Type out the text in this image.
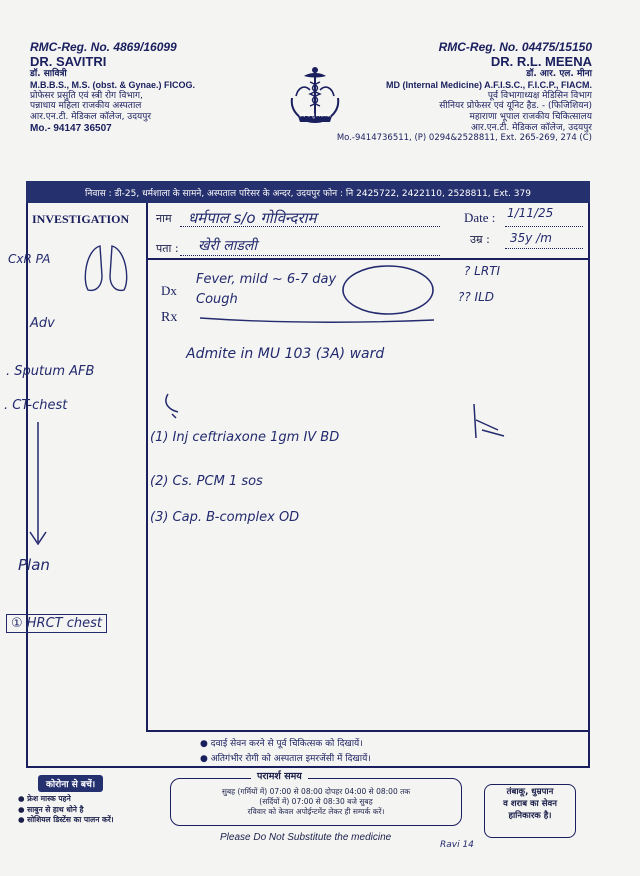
RMC-Reg. No. 4869/16099
DR. SAVITRI
डॉ. सावित्री
M.B.B.S., M.S. (obst. & Gynae.) FICOG.
प्रोफेसर प्रसुति एवं स्त्री रोग विभाग,
पन्नाधाय महिला राजकीय अस्पताल
आर.एन.टी. मेडिकल कॉलेज, उदयपुर
Mo.- 94147 36507
सर्वे सन्तु निरामया
RMC-Reg. No. 04475/15150
DR. R.L. MEENA
डॉ. आर. एल. मीना
MD (Internal Medicine) A.F.I.S.C., F.I.C.P., FIACM.
पूर्व विभागाध्यक्ष मेडिसिन विभाग
सीनियर प्रोफेसर एवं यूनिट हैड. - (फिजिशियन)
महाराणा भूपाल राजकीय चिकित्सालय
आर.एन.टी. मेडिकल कॉलेज, उदयपुर
Mo.-9414736511, (P) 0294&2528811, Ext. 265-269, 274 (C)
निवास : डी-25, धर्मशाला के सामने, अस्पताल परिसर के अन्दर, उदयपुर फोन : नि 2425722, 2422110, 2528811, Ext. 379
INVESTIGATION नाम
पता :
Date :
उम्र :
Dx
Rx
धर्मपाल s/o गोविन्दराम
खेरी लाडली
1/11/25
35y /m
Fever, mild ~ 6-7 day
Cough
? LRTI
?? ILD
Admite in MU 103 (3A) ward
(1) Inj ceftriaxone 1gm IV BD
(2) Cs. PCM 1 sos
(3) Cap. B-complex OD
CxR PA
Adv
. Sputum AFB
. CT-chest
Plan
① HRCT chest
● दवाई सेवन करने से पूर्व चिकित्सक को दिखायें।
● अतिगंभीर रोगी को अस्पताल इमरजेंसी में दिखायें।
कोरोना से बचें।
● फ्रेश मास्क पहने
● साबुन से हाथ धोने है
● सोशियल डिस्टेंस का पालन करें।
परामर्श समय
सुबह (गर्मियों में) 07:00 से 08:00 दोपहर 04:00 से 08:00 तक
(सर्दियों में) 07:00 से 08:30 बजे सुबह
रविवार को केवल अपोईन्टमेंट लेकर ही सम्पर्क करें।
तंबाकू, धुम्रपान
व शराब का सेवन
हानिकारक है।
Please Do Not Substitute the medicine
Ravi 14
